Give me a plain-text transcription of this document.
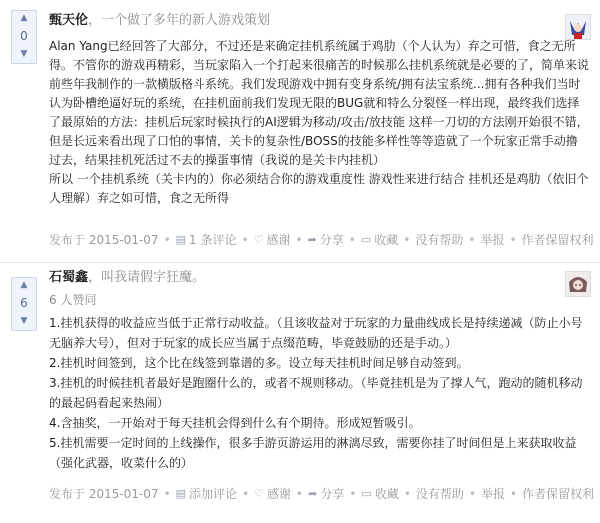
▲
0
▼
甄天伦，一个做了多年的新人游戏策划

Alan Yang已经回答了大部分，不过还是来确定挂机系统属于鸡肋（个人认为）弃之可惜，食之无所得。不管你的游戏再精彩，当玩家陷入一个打起来很痛苦的时候那么挂机系统就是必要的了，简单来说前些年我制作的一款横版格斗系统。我们发现游戏中拥有变身系统/拥有法宝系统...拥有各种我们当时认为卧槽绝逼好玩的系统，在挂机面前我们发现无限的BUG就和特么分裂怪一样出现，最终我们选择了最原始的方法：挂机后玩家时候执行的AI逻辑为移动/攻击/放技能 这样一刀切的方法刚开始很不错，但是长远来看出现了口怕的事情，关卡的复杂性/BOSS的技能多样性等等造就了一个玩家正常手动撸过去，结果挂机死活过不去的操蛋事情（我说的是关卡内挂机）

所以 一个挂机系统（关卡内的）你必须结合你的游戏重度性 游戏性来进行结合 挂机还是鸡肋（依旧个人理解）弃之如可惜，食之无所得

发布于 2015-01-07 • ▤ 1 条评论 • ♡ 感谢 • ➦ 分享 • ▭ 收藏 • 没有帮助 • 举报 • 作者保留权利
▲
6
▼
石蜀鑫，叫我请假字狂魔。
6 人赞同

1.挂机获得的收益应当低于正常行动收益。（且该收益对于玩家的力量曲线成长是持续递减（防止小号无脑养大号），但对于玩家的成长应当属于点缀范畴，毕竟鼓励的还是手动。）

2.挂机时间签到，这个比在线签到靠谱的多。设立每天挂机时间足够自动签到。

3.挂机的时候挂机者最好是跑圈什么的，或者不规则移动。（毕竟挂机是为了撑人气，跑动的随机移动的最起码看起来热闹）

4.含抽奖，一开始对于每天挂机会得到什么有个期待。形成短暂吸引。

5.挂机需要一定时间的上线操作，很多手游页游运用的淋漓尽致，需要你挂了时间但是上来获取收益（强化武器，收菜什么的）

发布于 2015-01-07 • ▤ 添加评论 • ♡ 感谢 • ➦ 分享 • ▭ 收藏 • 没有帮助 • 举报 • 作者保留权利
